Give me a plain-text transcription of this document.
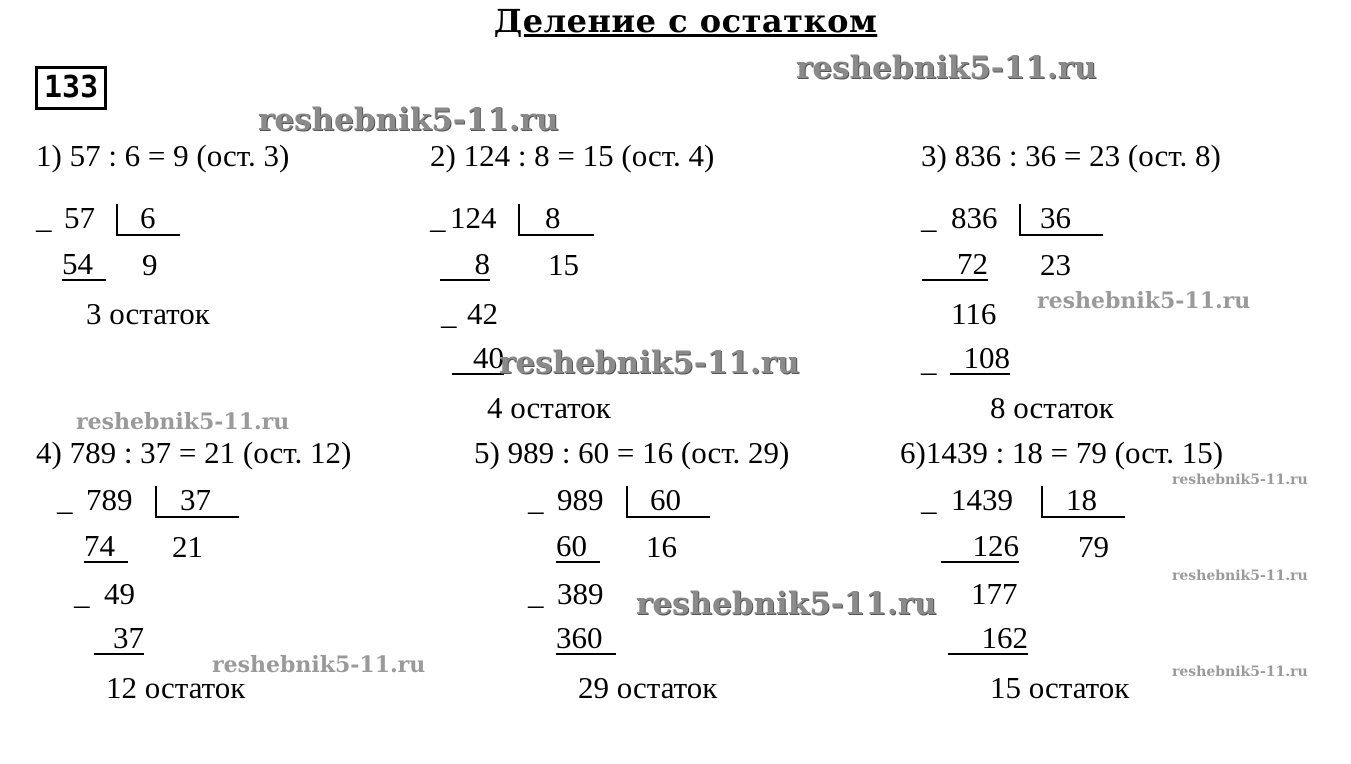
Деление с остатком
133
1) 57 : 6 = 9 (ост. 3)	2) 124 : 8 = 15 (ост. 4)	3) 836 : 36 = 23 (ост. 8)
_ 57 6
9
54
3 остаток
_ 124 8
15
8
_ 42
40
4 остаток
_ 836 36
23
72
116
_ 108
8 остаток
4) 789 : 37 = 21 (ост. 12)	5) 989 : 60 = 16 (ост. 29)	6)1439 : 18 = 79 (ост. 15)
_ 789 37
21
74
_ 49
37
12 остаток
_ 989 60
16
60
_ 389
360
29 остаток
_ 1439 18
79
126
177
162
15 остаток
reshebnik5-11.ru
reshebnik5-11.ru
reshebnik5-11.ru
reshebnik5-11.ru
reshebnik5-11.ru
reshebnik5-11.ru
reshebnik5-11.ru
reshebnik5-11.ru
reshebnik5-11.ru	reshebnik5-11.ru
